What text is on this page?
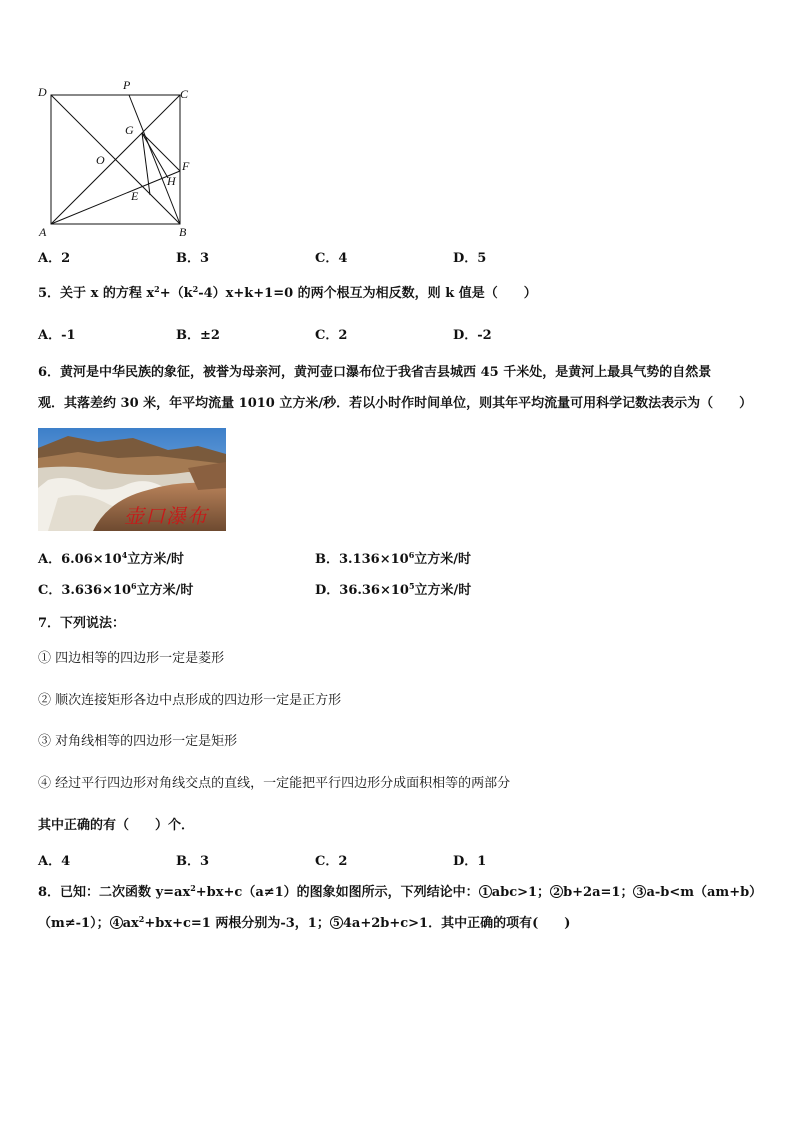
D	P
C
G
O	F
H
E
A	B
A．2	B．3	C．4	D．5
5．关于 x 的方程 $x^2+(k^2-4)x+k+1=0$ 的两个根互为相反数，则 k 值是（　　）
A．-1	B．±2	C．2	D．-2
6．黄河是中华民族的象征，被誉为母亲河，黄河壶口瀑布位于我省吉县城西 45 千米处，是黄河上最具气势的自然景
观．其落差约 30 米，年平均流量 1010 立方米/秒．若以小时作时间单位，则其年平均流量可用科学记数法表示为（　　）
壶口瀑布
A．$6.06\times 10^4$立方米/时	B．$3.136\times 10^6$立方米/时
C．$3.636\times 10^6$立方米/时	D．$36.36\times 10^5$立方米/时
7．下列说法：
① 四边相等的四边形一定是菱形
② 顺次连接矩形各边中点形成的四边形一定是正方形
③ 对角线相等的四边形一定是矩形
④ 经过平行四边形对角线交点的直线，一定能把平行四边形分成面积相等的两部分
其中正确的有（　　）个．
A．4	B．3	C．2	D．1
8．已知：二次函数 $y=ax^2+bx+c(a\ne 1)$的图象如图所示，下列结论中： 1 abc>1； 2 b+2a=1； 3 a-b<m（am+b）
（m≠-1）； 4 $ax^2+bx+c=1$ 两根分别为-3，1； 5 4a+2b+c>1．其中正确的项有(　　)
